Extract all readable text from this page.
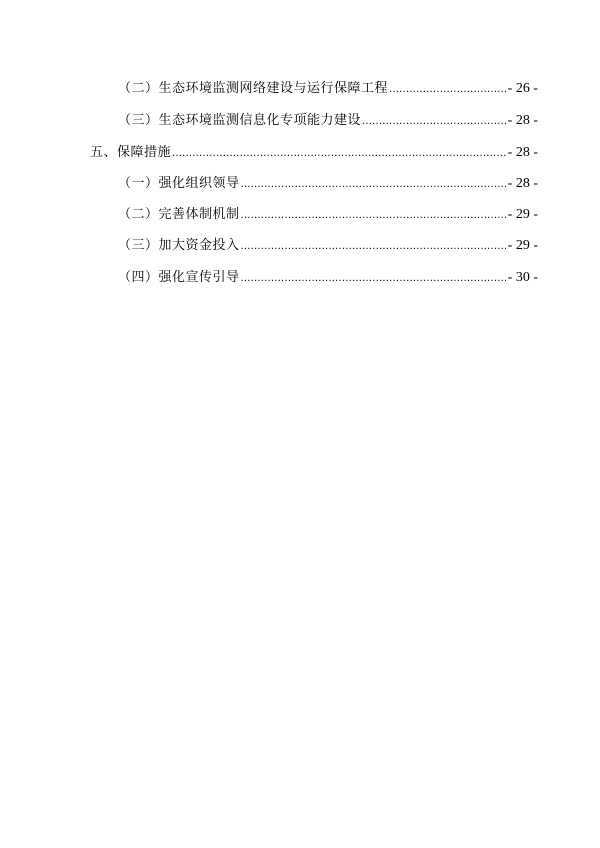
（二）生态环境监测网络建设与运行保障工程 .....	- 26 -
（三）生态环境监测信息化专项能力建设 .....	- 28 -
五、保障措施 .....	- 28 -
（一）强化组织领导 .....	- 28 -
（二）完善体制机制 .....	- 29 -
（三）加大资金投入 .....	- 29 -
（四）强化宣传引导 .....	- 30 -
